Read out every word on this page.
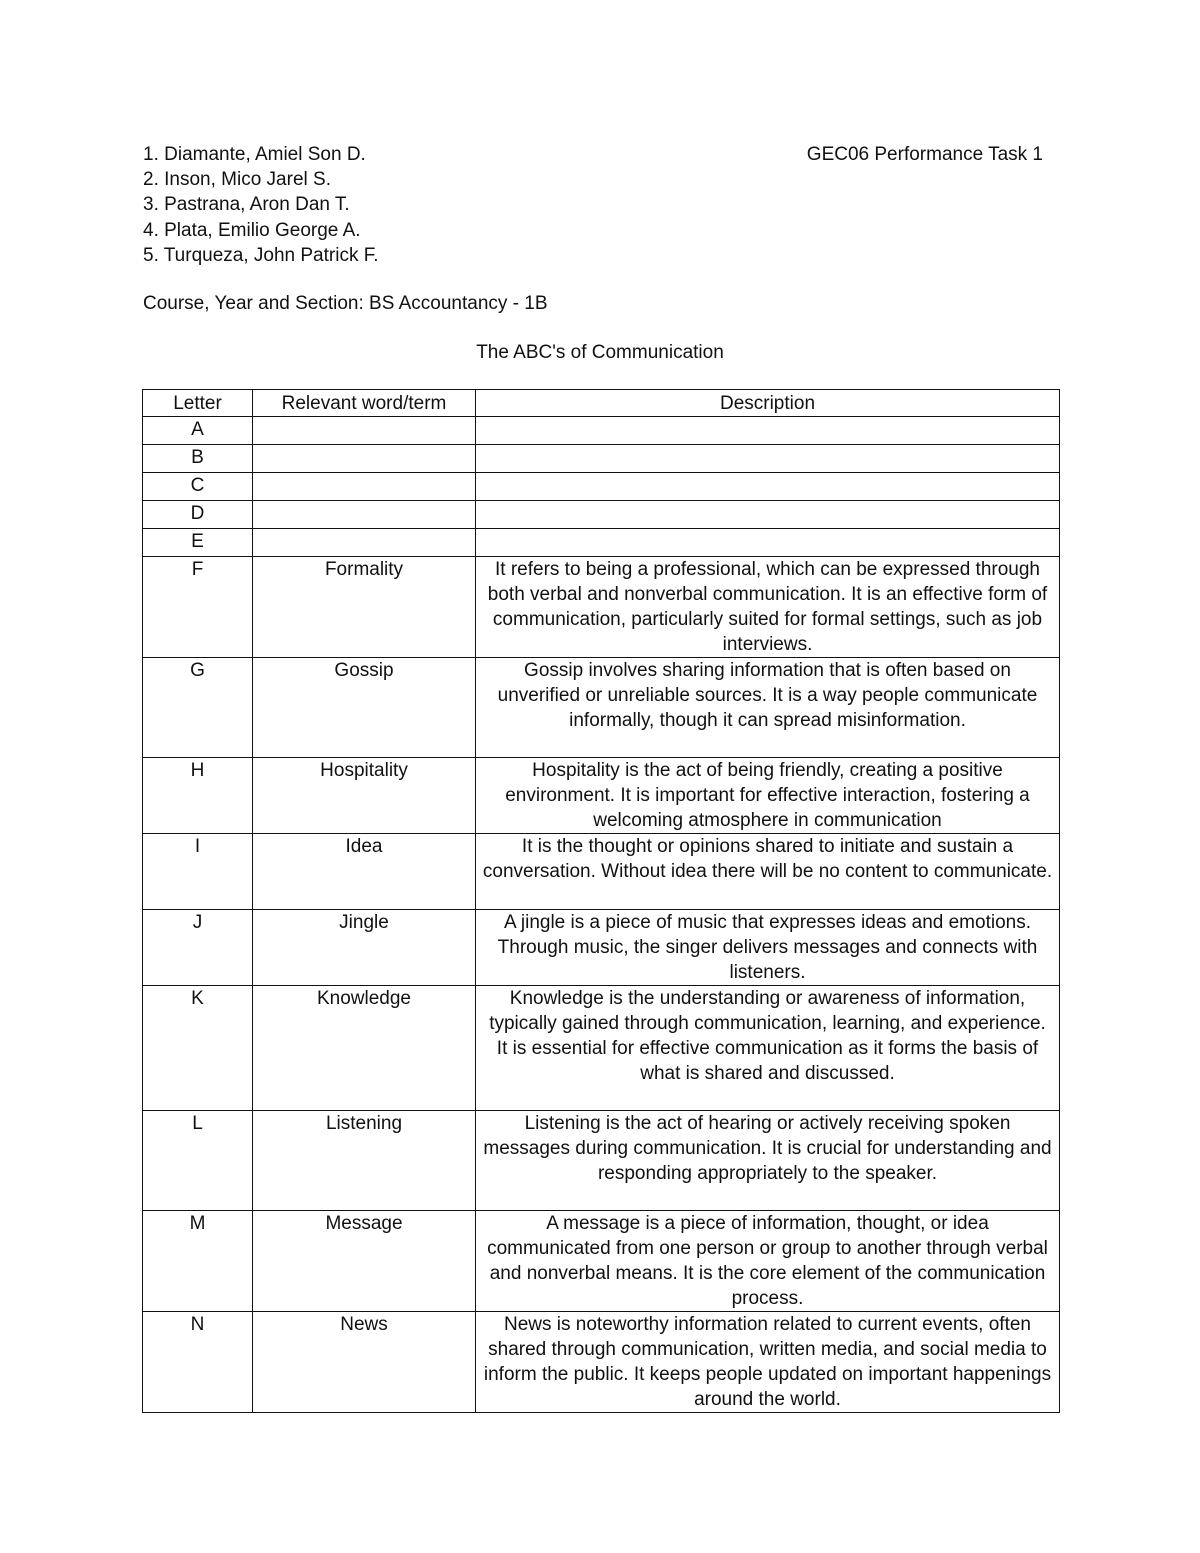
1. Diamante, Amiel Son D.
2. Inson, Mico Jarel S.
3. Pastrana, Aron Dan T.
4. Plata, Emilio George A.
5. Turqueza, John Patrick F.
Course, Year and Section: BS Accountancy - 1B
GEC06 Performance Task 1
The ABC's of Communication
Letter	Relevant word/term	Description
A		
B		
C		
D		
E		
F	Formality	It refers to being a professional, which can be expressed through both verbal and nonverbal communication. It is an effective form of communication, particularly suited for formal settings, such as job interviews.
G	Gossip	Gossip involves sharing information that is often based on unverified or unreliable sources. It is a way people communicate informally, though it can spread misinformation.
H	Hospitality	Hospitality is the act of being friendly, creating a positive environment. It is important for effective interaction, fostering a welcoming atmosphere in communication
I	Idea	It is the thought or opinions shared to initiate and sustain a conversation. Without idea there will be no content to communicate.
J	Jingle	A jingle is a piece of music that expresses ideas and emotions. Through music, the singer delivers messages and connects with listeners.
K	Knowledge	Knowledge is the understanding or awareness of information, typically gained through communication, learning, and experience. It is essential for effective communication as it forms the basis of what is shared and discussed.
L	Listening	Listening is the act of hearing or actively receiving spoken messages during communication. It is crucial for understanding and responding appropriately to the speaker.
M	Message	A message is a piece of information, thought, or idea communicated from one person or group to another through verbal and nonverbal means. It is the core element of the communication process.
N	News	News is noteworthy information related to current events, often shared through communication, written media, and social media to inform the public. It keeps people updated on important happenings around the world.
